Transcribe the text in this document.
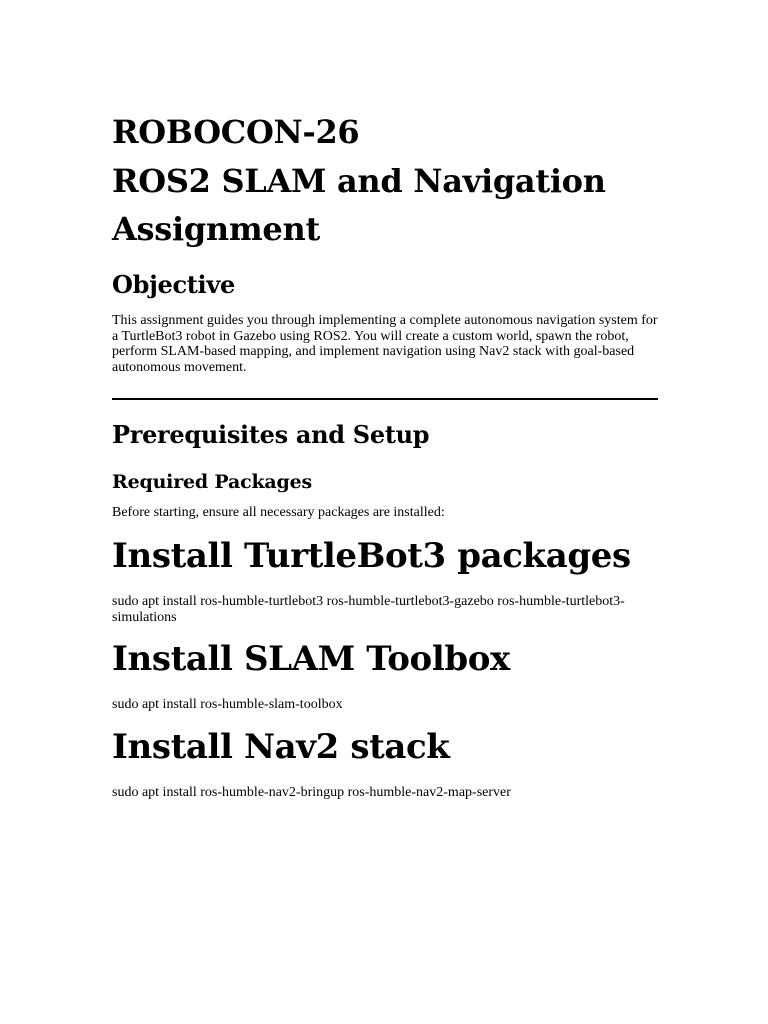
ROBOCON-26
ROS2 SLAM and Navigation
Assignment
Objective

This assignment guides you through implementing a complete autonomous navigation system for a TurtleBot3 robot in Gazebo using ROS2. You will create a custom world, spawn the robot, perform SLAM-based mapping, and implement navigation using Nav2 stack with goal-based autonomous movement.

Prerequisites and Setup
Required Packages

Before starting, ensure all necessary packages are installed:

Install TurtleBot3 packages

sudo apt install ros-humble-turtlebot3 ros-humble-turtlebot3-gazebo ros-humble-turtlebot3-simulations

Install SLAM Toolbox

sudo apt install ros-humble-slam-toolbox

Install Nav2 stack

sudo apt install ros-humble-nav2-bringup ros-humble-nav2-map-server
